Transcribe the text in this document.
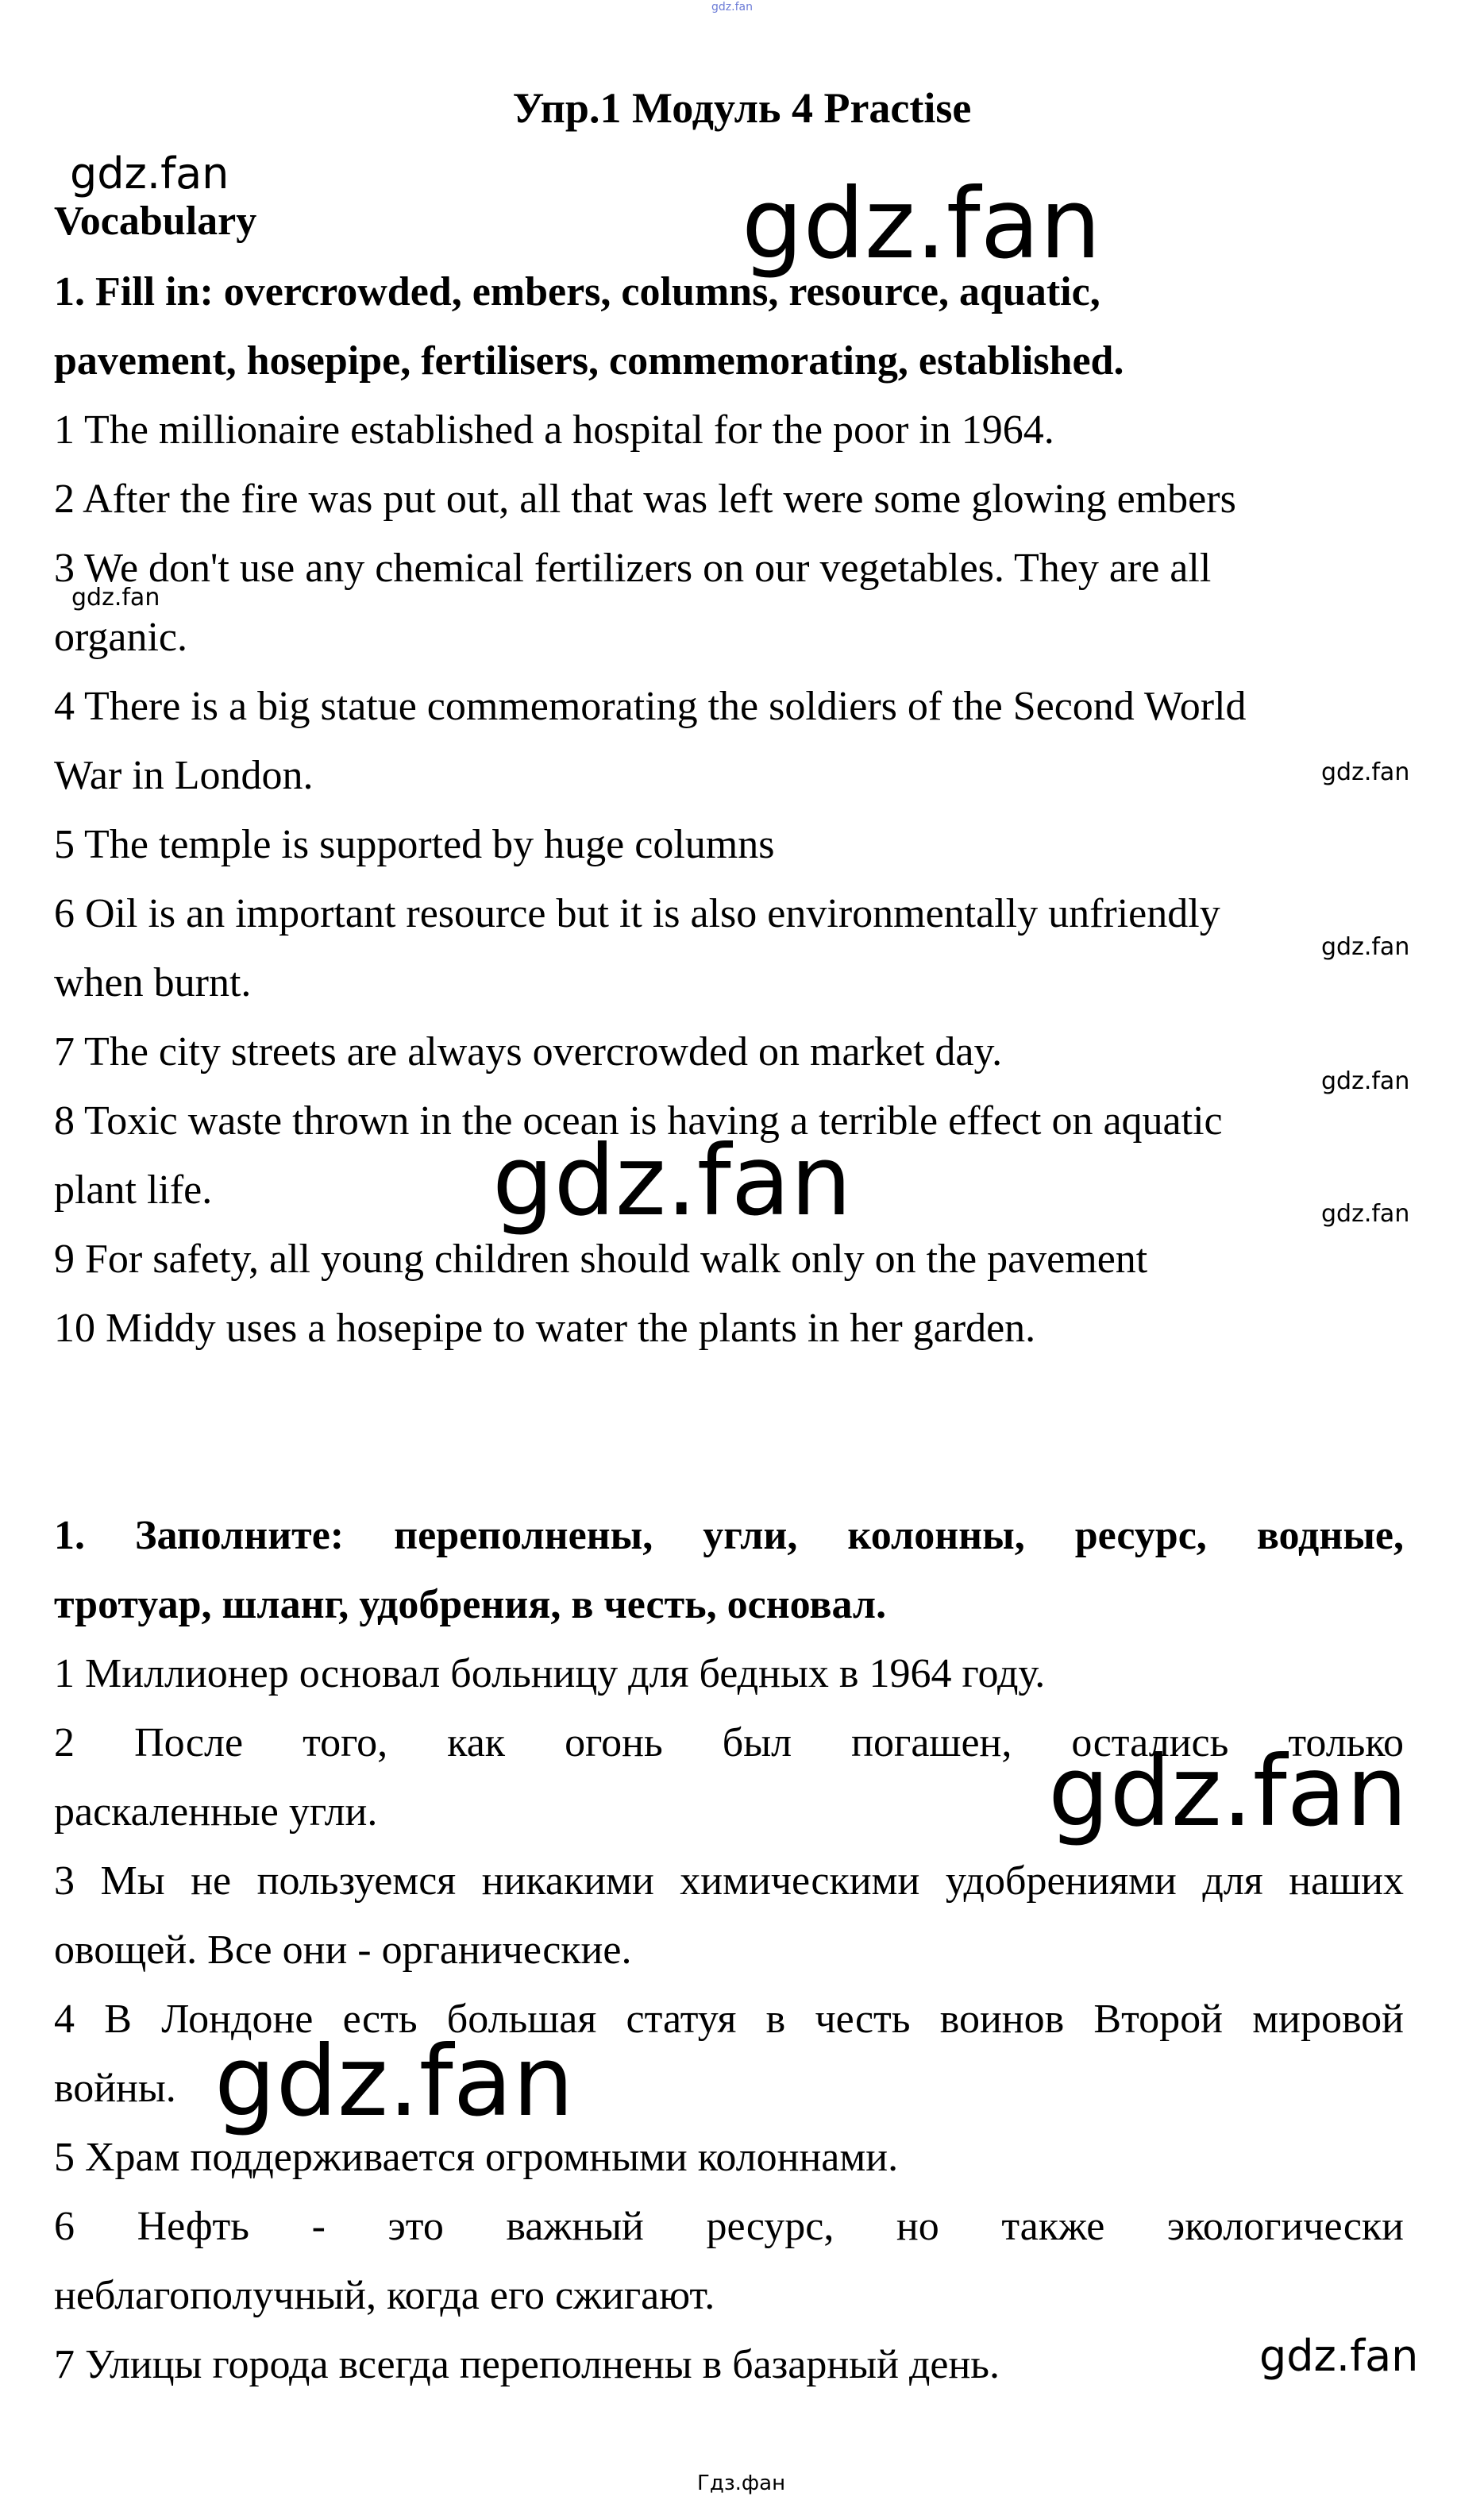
gdz.fan
Упр.1 Модуль 4 Practise
gdz.fan
Vocabulary	gdz.fan

1. Fill in: overcrowded, embers, columns, resource, aquatic,

pavement, hosepipe, fertilisers, commemorating, established.

1 The millionaire established a hospital for the poor in 1964.

2 After the fire was put out, all that was left were some glowing embers

3 We don't use any chemical fertilizers on our vegetables. They are all

organic.

4 There is a big statue commemorating the soldiers of the Second World

War in London.

5 The temple is supported by huge columns

6 Oil is an important resource but it is also environmentally unfriendly

when burnt.

7 The city streets are always overcrowded on market day.

8 Toxic waste thrown in the ocean is having a terrible effect on aquatic

plant life.

9 For safety, all young children should walk only on the pavement

10 Middy uses a hosepipe to water the plants in her garden.

gdz.fan
gdz.fan
gdz.fan
gdz.fan
gdz.fan	gdz.fan

1. Заполните: переполнены, угли, колонны, ресурс, водные,

тротуар, шланг, удобрения, в честь, основал.

1 Миллионер основал больницу для бедных в 1964 году.

2 После того, как огонь был погашен, остались только

раскаленные угли.

3 Мы не пользуемся никакими химическими удобрениями для наших

овощей. Все они - органические.

4 В Лондоне есть большая статуя в честь воинов Второй мировой

войны.

5 Храм поддерживается огромными колоннами.

6 Нефть - это важный ресурс, но также экологически

неблагополучный, когда его сжигают.

7 Улицы города всегда переполнены в базарный день.

gdz.fan
gdz.fan
gdz.fan
Гдз.фан
